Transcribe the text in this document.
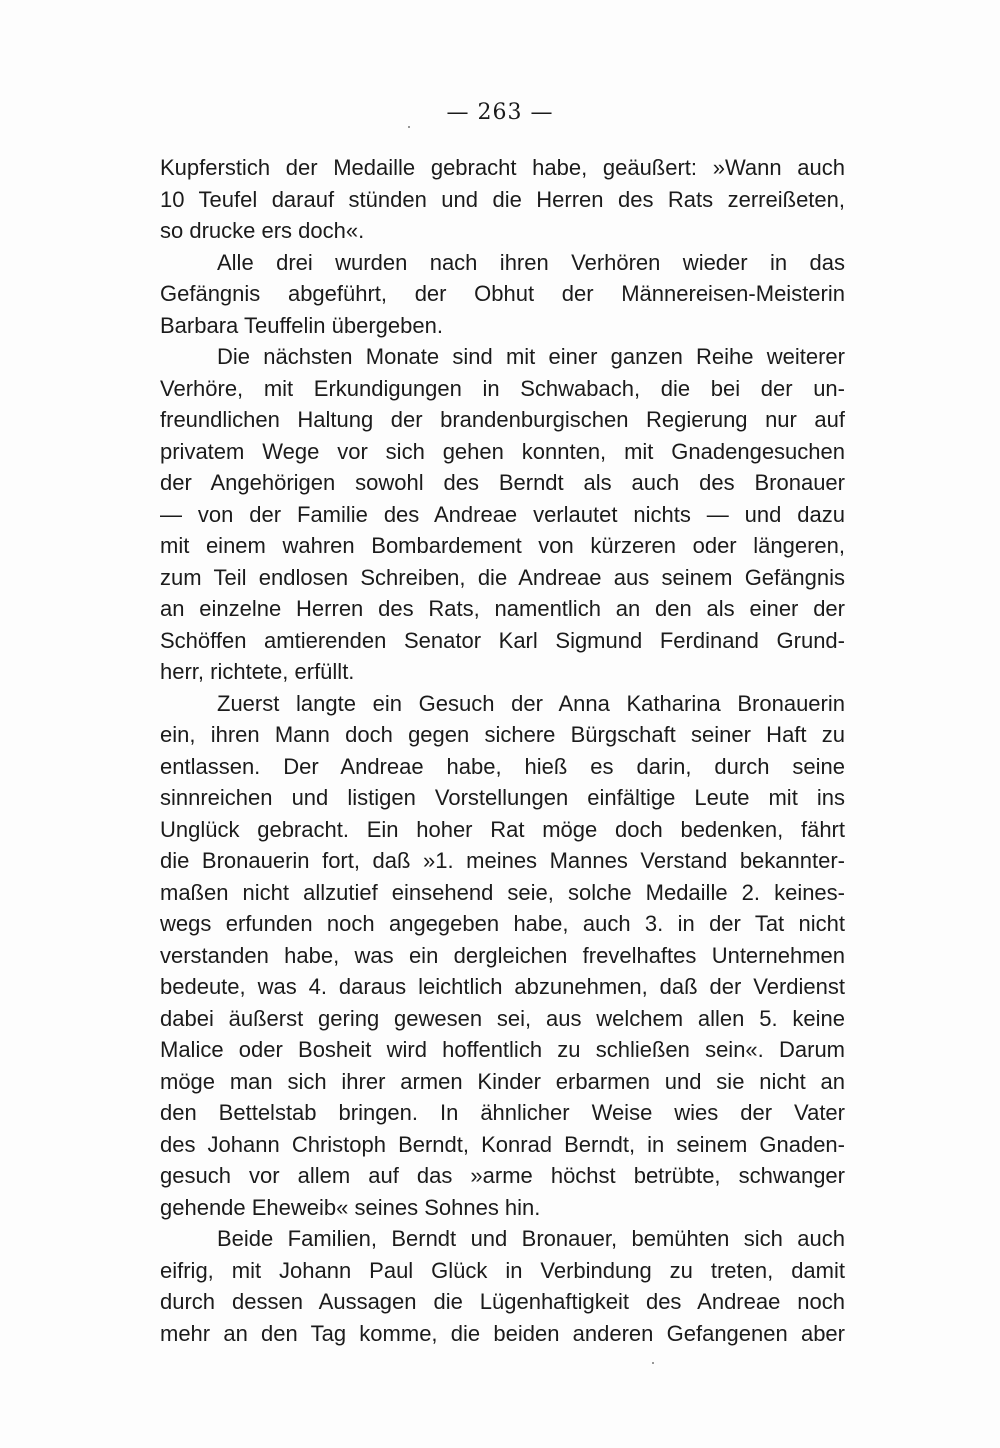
— 263 —
Kupferstich der Medaille gebracht habe, geäußert: »Wann auch
10 Teufel darauf stünden und die Herren des Rats zerreißeten,
so drucke ers doch«.
Alle drei wurden nach ihren Verhören wieder in das
Gefängnis abgeführt, der Obhut der Männereisen-Meisterin
Barbara Teuffelin übergeben.
Die nächsten Monate sind mit einer ganzen Reihe weiterer
Verhöre, mit Erkundigungen in Schwabach, die bei der un-
freundlichen Haltung der brandenburgischen Regierung nur auf
privatem Wege vor sich gehen konnten, mit Gnadengesuchen
der Angehörigen sowohl des Berndt als auch des Bronauer
— von der Familie des Andreae verlautet nichts — und dazu
mit einem wahren Bombardement von kürzeren oder längeren,
zum Teil endlosen Schreiben, die Andreae aus seinem Gefängnis
an einzelne Herren des Rats, namentlich an den als einer der
Schöffen amtierenden Senator Karl Sigmund Ferdinand Grund-
herr, richtete, erfüllt.
Zuerst langte ein Gesuch der Anna Katharina Bronauerin
ein, ihren Mann doch gegen sichere Bürgschaft seiner Haft zu
entlassen. Der Andreae habe, hieß es darin, durch seine
sinnreichen und listigen Vorstellungen einfältige Leute mit ins
Unglück gebracht. Ein hoher Rat möge doch bedenken, fährt
die Bronauerin fort, daß »1. meines Mannes Verstand bekannter-
maßen nicht allzutief einsehend seie, solche Medaille 2. keines-
wegs erfunden noch angegeben habe, auch 3. in der Tat nicht
verstanden habe, was ein dergleichen frevelhaftes Unternehmen
bedeute, was 4. daraus leichtlich abzunehmen, daß der Verdienst
dabei äußerst gering gewesen sei, aus welchem allen 5. keine
Malice oder Bosheit wird hoffentlich zu schließen sein«. Darum
möge man sich ihrer armen Kinder erbarmen und sie nicht an
den Bettelstab bringen. In ähnlicher Weise wies der Vater
des Johann Christoph Berndt, Konrad Berndt, in seinem Gnaden-
gesuch vor allem auf das »arme höchst betrübte, schwanger
gehende Eheweib« seines Sohnes hin.
Beide Familien, Berndt und Bronauer, bemühten sich auch
eifrig, mit Johann Paul Glück in Verbindung zu treten, damit
durch dessen Aussagen die Lügenhaftigkeit des Andreae noch
mehr an den Tag komme, die beiden anderen Gefangenen aber
